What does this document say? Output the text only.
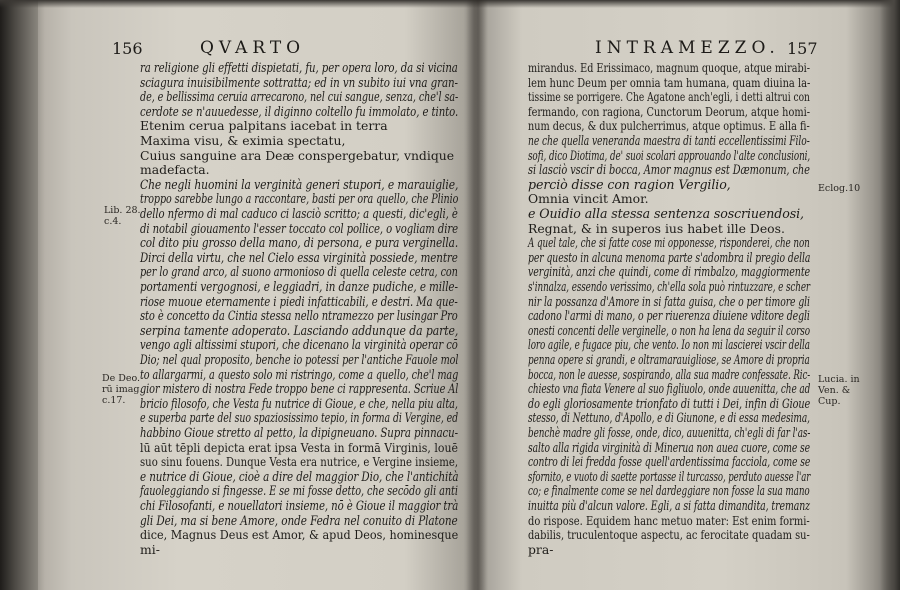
156	QVARTO
ra religione gli effetti dispietati, fu, per opera loro, da si vicina
sciagura inuisibilmente sottratta; ed in vn subito iui vna gran-
de, e bellissima ceruia arrecarono, nel cui sangue, senza, che'l sa-
cerdote se n'auuedesse, il diginno coltello fu immolato, e tinto.
Etenim cerua palpitans iacebat in terra
Maxima visu, & eximia spectatu,
Cuius sanguine ara Deæ conspergebatur, vndique
madefacta.
Che negli huomini la verginità generi stupori, e marauiglie,
troppo sarebbe lungo a raccontare, basti per ora quello, che Plinio
dello nfermo di mal caduco ci lasciò scritto; a questi, dic'egli, è
di notabil giouamento l'esser toccato col pollice, o vogliam dire
col dito piu grosso della mano, di persona, e pura verginella.
Dirci della virtu, che nel Cielo essa virginità possiede, mentre
per lo grand arco, al suono armonioso di quella celeste cetra, con
portamenti vergognosi, e leggiadri, in danze pudiche, e mille-
riose muoue eternamente i piedi infatticabili, e destri. Ma que-
sto è concetto da Cintia stessa nello ntramezzo per lusingar Pro
serpina tamente adoperato. Lasciando addunque da parte,
vengo agli altissimi stupori, che dicenano la virginità operar cō
Dio; nel qual proposito, benche io potessi per l'antiche Fauole mol
to allargarmi, a questo solo mi ristringo, come a quello, che'l mag
gior mistero di nostra Fede troppo bene ci rappresenta. Scriue Al
bricio filosofo, che Vesta fu nutrice di Gioue, e che, nella piu alta,
e superba parte del suo spaziosissimo tepio, in forma di Vergine, ed
habbino Gioue stretto al petto, la dipigneuano. Supra pinnacu-
lū aūt tēpli depicta erat ipsa Vesta in formā Virginis, louē
suo sinu fouens. Dunque Vesta era nutrice, e Vergine insieme,
e nutrice di Gioue, cioè a dire del maggior Dio, che l'antichità
fauoleggiando si fingesse. E se mi fosse detto, che secōdo gli anti
chi Filosofanti, e nouellatori insieme, nō è Gioue il maggior trà
gli Dei, ma si bene Amore, onde Fedra nel conuito di Platone
dice, Magnus Deus est Amor, & apud Deos, hominesque
mi-
Lib. 28.
c.4.
De Deo.
rū imag.
c.17.
INTRAMEZZO. 157
mirandus. Ed Erissimaco, magnum quoque, atque mirabi-
lem hunc Deum per omnia tam humana, quam diuina la-
tissime se porrigere. Che Agatone anch'egli, i detti altrui con
fermando, con ragiona, Cunctorum Deorum, atque homi-
num decus, & dux pulcherrimus, atque optimus. E alla fi-
ne che quella veneranda maestra di tanti eccellentissimi Filo-
sofi, dico Diotima, de' suoi scolari approuando l'alte conclusioni,
si lasciò vscir di bocca, Amor magnus est Dæmonum, che
perciò disse con ragion Vergilio,
Omnia vincit Amor.
e Ouidio alla stessa sentenza soscriuendosi,
Regnat, & in superos ius habet ille Deos.
A quel tale, che si fatte cose mi opponesse, risponderei, che non
per questo in alcuna menoma parte s'adombra il pregio della
verginità, anzi che quindi, come di rimbalzo, maggiormente
s'innalza, essendo verissimo, ch'ella sola può rintuzzare, e scher
nir la possanza d'Amore in si fatta guisa, che o per timore gli
cadono l'armi di mano, o per riuerenza diuiene vditore degli
onesti concenti delle verginelle, o non ha lena da seguir il corso
loro agile, e fugace piu, che vento. Io non mi lascierei vscir della
penna opere si grandi, e oltramarauigliose, se Amore di propria
bocca, non le auesse, sospirando, alla sua madre confessate. Ric-
chiesto vna fiata Venere al suo figliuolo, onde auuenitta, che ad
do egli gloriosamente trionfato di tutti i Dei, infin di Gioue
stesso, di Nettuno, d'Apollo, e di Giunone, e di essa medesima,
benchè madre gli fosse, onde, dico, auuenitta, ch'egli di far l'as-
salto alla rigida virginità di Minerua non auea cuore, come se
contro di lei fredda fosse quell'ardentissima facciola, come se
sfornito, e vuoto di saette portasse il turcasso, perduto auesse l'ar
co; e finalmente come se nel dardeggiare non fosse la sua mano
inuitta più d'alcun valore. Egli, a si fatta dimandita, tremanz
do rispose. Equidem hanc metuo mater: Est enim formi-
dabilis, truculentoque aspectu, ac ferocitate quadam su-
pra-
Eclog.10
Lucia. in
Ven. &
Cup.
